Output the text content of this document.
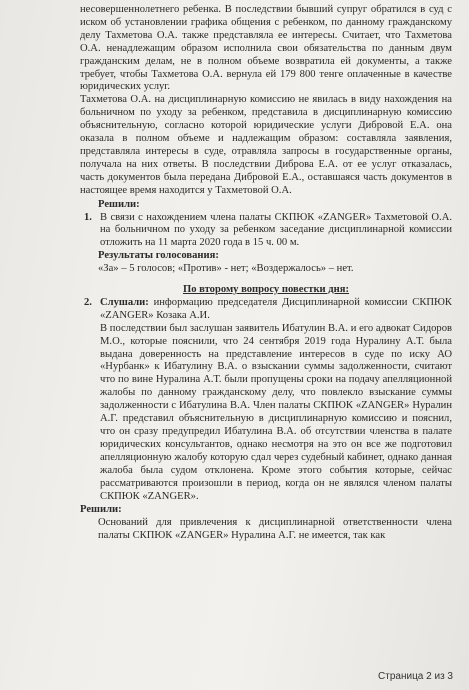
несовершеннолетнего ребенка. В последствии бывший супруг обратился в суд с иском об установлении графика общения с ребенком, по данному гражданскому делу Тахметова О.А. также представляла ее интересы. Считает, что Тахметова О.А. ненадлежащим образом исполнила свои обязательства по данным двум гражданским делам, не в полном объеме возвратила ей документы, а также требует, чтобы Тахметова О.А. вернула ей 179 800 тенге оплаченные в качестве юридических услуг.

Тахметова О.А. на дисциплинарную комиссию не явилась в виду нахождения на больничном по уходу за ребенком, представила в дисциплинарную комиссию объяснительную, согласно которой юридические услуги Дибровой Е.А. она оказала в полном объеме и надлежащим образом: составляла заявления, представляла интересы в суде, отравляла запросы в государственные органы, получала на них ответы. В последствии Диброва Е.А. от ее услуг отказалась, часть документов была передана Дибровой Е.А., оставшаяся часть документов в настоящее время находится у Тахметовой О.А.

Решили:

1. В связи с нахождением члена палаты СКПЮК «ZANGER» Тахметовой О.А. на больничном по уходу за ребенком заседание дисциплинарной комиссии отложить на 11 марта 2020 года в 15 ч. 00 м.

Результаты голосования:

«За» – 5 голосов; «Против» - нет; «Воздержалось» – нет.

По второму вопросу повестки дня:

2. Слушали: информацию председателя Дисциплинарной комиссии СКПЮК «ZANGER» Козака А.И.

В последствии был заслушан заявитель Ибатулин В.А. и его адвокат Сидоров М.О., которые пояснили, что 24 сентября 2019 года Нуралину А.Т. была выдана доверенность на представление интересов в суде по иску АО «Нурбанк» к Ибатулину В.А. о взыскании суммы задолженности, считают что по вине Нуралина А.Т. были пропущены сроки на подачу апелляционной жалобы по данному гражданскому делу, что повлекло взыскание суммы задолженности с Ибатулина В.А. Член палаты СКПЮК «ZANGER» Нуралин А.Г. представил объяснительную в дисциплинарную комиссию и пояснил, что он сразу предупредил Ибатулина В.А. об отсутствии членства в палате юридических консультантов, однако несмотря на это он все же подготовил апелляционную жалобу которую сдал через судебный кабинет, однако данная жалоба была судом отклонена. Кроме этого события которые, сейчас рассматриваются произошли в период, когда он не являлся членом палаты СКПЮК «ZANGER».

Решили:

Оснований для привлечения к дисциплинарной ответственности члена палаты СКПЮК «ZANGER» Нуралина А.Г. не имеется, так как

Страница 2 из 3
